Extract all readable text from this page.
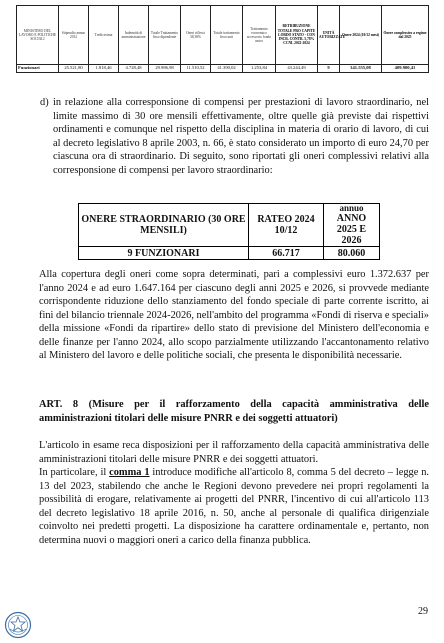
MINISTERO DEL LAVORO E POLITICHE SOCIALI	Stipendio annuo 2012	Tredicesima	Indennità di amministrazione	Totale Trattamento fisso dipendente	Oneri riflessi 38,38%	Totale trattamento fisso unit	Trattamento economico accessorio fondo unico	RETRIBUZIONE TOTALE PRO CAPITE LORDO STATO - CON INCR. CONTR. 5,78% CCNL 2022-2024	UNITÀ AUTORIZZATE	Onere 2024 (10/12 mesi)	Onere complessivo a regime dal 2025
Funzionari	25.521,80	1.818,46	4.728,48	29.986,98	11.510,52	41.390,02	1.253,84	43.244,49	9	341.555,08	409.900,41
d) in relazione alla corresponsione di compensi per prestazioni di lavoro straordinario, nel limite massimo di 30 ore mensili effettivamente, oltre quelle già previste dai rispettivi ordinamenti e comunque nel rispetto della disciplina in materia di orario di lavoro, di cui al decreto legislativo 8 aprile 2003, n. 66, è stato considerato un importo di euro 24,70 per ciascuna ora di straordinario. Di seguito, sono riportati gli oneri complessivi relativi alla corresponsione di compensi per lavoro straordinario:
ONERE STRAORDINARIO (30 ORE MENSILI)	RATEO 2024 10/12	annuo
ANNO 2025 E 2026
9 FUNZIONARI	66.717	80.060

Alla copertura degli oneri come sopra determinati, pari a complessivi euro 1.372.637 per l'anno 2024 e ad euro 1.647.164 per ciascuno degli anni 2025 e 2026, si provvede mediante corrispondente riduzione dello stanziamento del fondo speciale di parte corrente iscritto, ai fini del bilancio triennale 2024-2026, nell'ambito del programma «Fondi di riserva e speciali» della missione «Fondi da ripartire» dello stato di previsione del Ministero dell'economia e delle finanze per l'anno 2024, allo scopo parzialmente utilizzando l'accantonamento relativo al Ministero del lavoro e delle politiche sociali, che presenta le disponibilità necessarie.

ART. 8 (Misure per il rafforzamento della capacità amministrativa delle amministrazioni titolari delle misure PNRR e dei soggetti attuatori)

L'articolo in esame reca disposizioni per il rafforzamento della capacità amministrativa delle amministrazioni titolari delle misure PNRR e dei soggetti attuatori.

In particolare, il comma 1 introduce modifiche all'articolo 8, comma 5 del decreto – legge n. 13 del 2023, stabilendo che anche le Regioni devono prevedere nei propri regolamenti la possibilità di erogare, relativamente ai progetti del PNRR, l'incentivo di cui all'articolo 113 del decreto legislativo 18 aprile 2016, n. 50, anche al personale di qualifica dirigenziale coinvolto nei predetti progetti. La disposizione ha carattere ordinamentale e, pertanto, non determina nuovi o maggiori oneri a carico della finanza pubblica.

29
